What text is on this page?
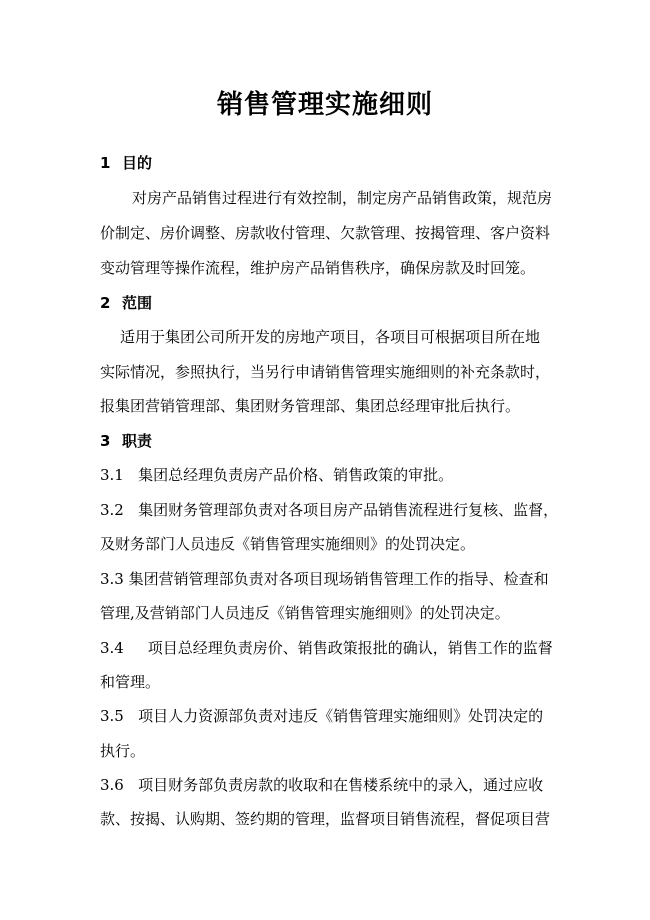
销售管理实施细则
1 目的
对房产品销售过程进行有效控制，制定房产品销售政策，规范房
价制定、房价调整、房款收付管理、欠款管理、按揭管理、客户资料
变动管理等操作流程，维护房产品销售秩序，确保房款及时回笼。
2 范围
适用于集团公司所开发的房地产项目，各项目可根据项目所在地
实际情况，参照执行，当另行申请销售管理实施细则的补充条款时，
报集团营销管理部、集团财务管理部、集团总经理审批后执行。
3 职责
3.1 集团总经理负责房产品价格、销售政策的审批。
3.2 集团财务管理部负责对各项目房产品销售流程进行复核、监督，
及财务部门人员违反《销售管理实施细则》的处罚决定。
3.3 集团营销管理部负责对各项目现场销售管理工作的指导、检查和
管理,及营销部门人员违反《销售管理实施细则》的处罚决定。
3.4 项目总经理负责房价、销售政策报批的确认，销售工作的监督
和管理。
3.5 项目人力资源部负责对违反《销售管理实施细则》处罚决定的
执行。
3.6 项目财务部负责房款的收取和在售楼系统中的录入，通过应收
款、按揭、认购期、签约期的管理，监督项目销售流程，督促项目营
